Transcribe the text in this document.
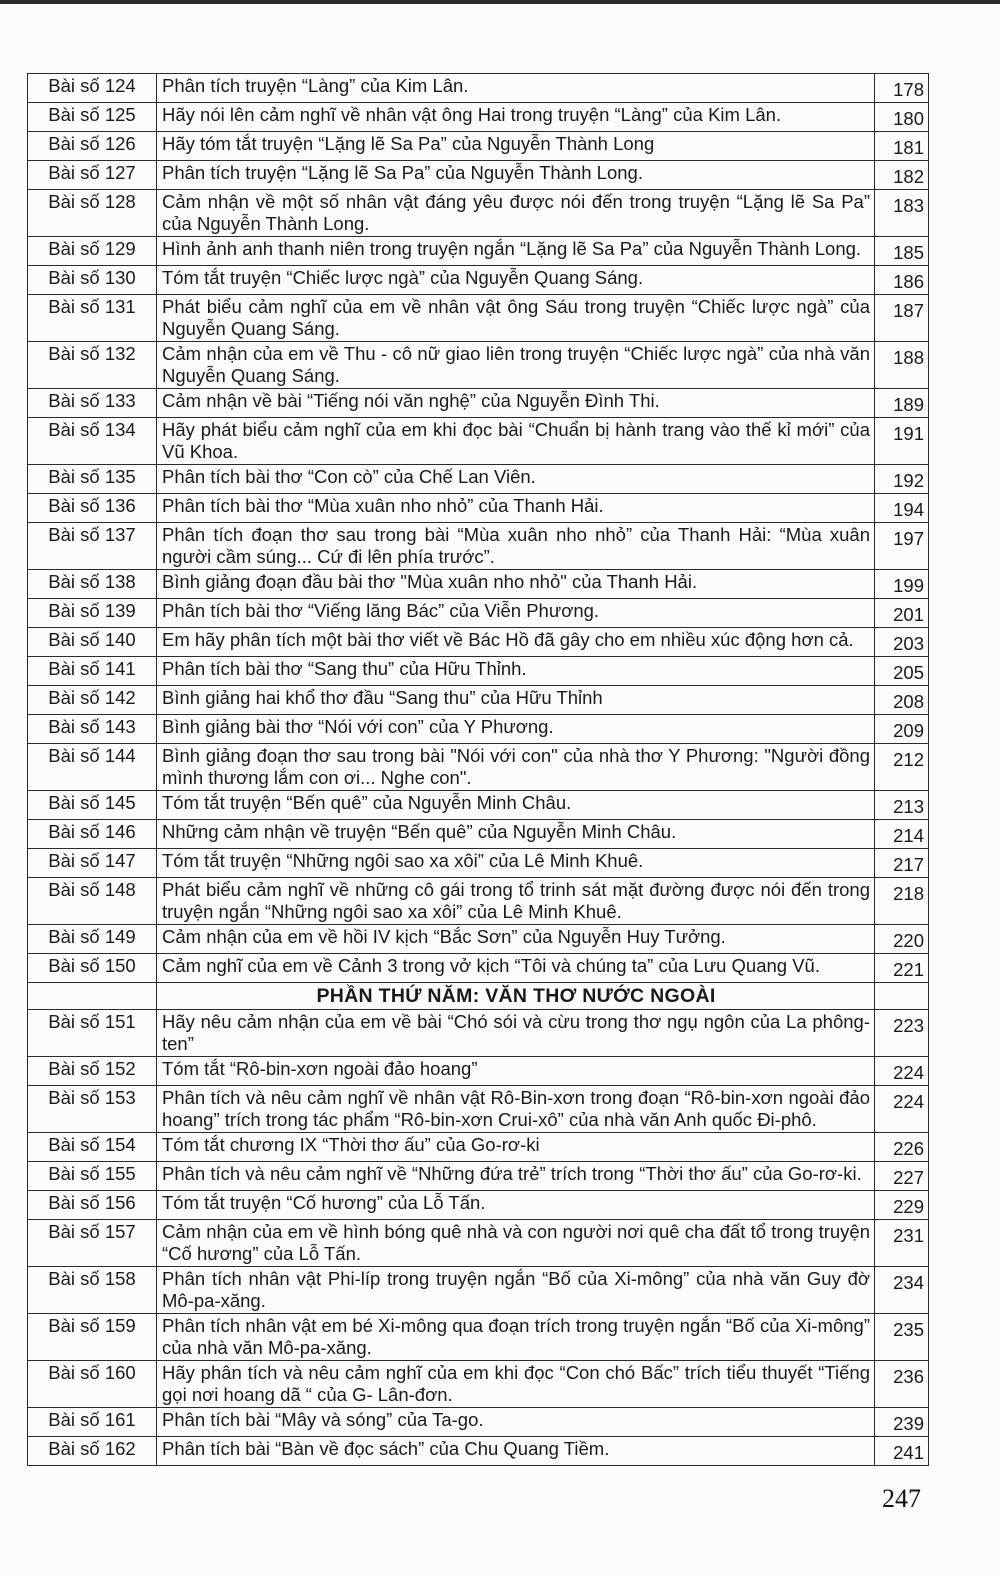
Bài số 124	Phân tích truyện “Làng” của Kim Lân.	178
Bài số 125	Hãy nói lên cảm nghĩ về nhân vật ông Hai trong truyện “Làng” của Kim Lân.	180
Bài số 126	Hãy tóm tắt truyện “Lặng lẽ Sa Pa” của Nguyễn Thành Long	181
Bài số 127	Phân tích truyện “Lặng lẽ Sa Pa” của Nguyễn Thành Long.	182
Bài số 128	Cảm nhận về một số nhân vật đáng yêu được nói đến trong truyện “Lặng lẽ Sa Pa” của Nguyễn Thành Long.	183
Bài số 129	Hình ảnh anh thanh niên trong truyện ngắn “Lặng lẽ Sa Pa” của Nguyễn Thành Long.	185
Bài số 130	Tóm tắt truyện “Chiếc lược ngà” của Nguyễn Quang Sáng.	186
Bài số 131	Phát biểu cảm nghĩ của em về nhân vật ông Sáu trong truyện “Chiếc lược ngà” của Nguyễn Quang Sáng.	187
Bài số 132	Cảm nhận của em về Thu - cô nữ giao liên trong truyện “Chiếc lược ngà” của nhà văn Nguyễn Quang Sáng.	188
Bài số 133	Cảm nhận về bài “Tiếng nói văn nghệ” của Nguyễn Đình Thi.	189
Bài số 134	Hãy phát biểu cảm nghĩ của em khi đọc bài “Chuẩn bị hành trang vào thế kỉ mới” của Vũ Khoa.	191
Bài số 135	Phân tích bài thơ “Con cò” của Chế Lan Viên.	192
Bài số 136	Phân tích bài thơ “Mùa xuân nho nhỏ” của Thanh Hải.	194
Bài số 137	Phân tích đoạn thơ sau trong bài “Mùa xuân nho nhỏ” của Thanh Hải: “Mùa xuân người cầm súng... Cứ đi lên phía trước”.	197
Bài số 138	Bình giảng đoạn đầu bài thơ "Mùa xuân nho nhỏ" của Thanh Hải.	199
Bài số 139	Phân tích bài thơ “Viếng lăng Bác” của Viễn Phương.	201
Bài số 140	Em hãy phân tích một bài thơ viết về Bác Hồ đã gây cho em nhiều xúc động hơn cả.	203
Bài số 141	Phân tích bài thơ “Sang thu” của Hữu Thỉnh.	205
Bài số 142	Bình giảng hai khổ thơ đầu “Sang thu” của Hữu Thỉnh	208
Bài số 143	Bình giảng bài thơ “Nói với con” của Y Phương.	209
Bài số 144	Bình giảng đoạn thơ sau trong bài "Nói với con" của nhà thơ Y Phương: "Người đồng mình thương lắm con ơi... Nghe con".	212
Bài số 145	Tóm tắt truyện “Bến quê” của Nguyễn Minh Châu.	213
Bài số 146	Những cảm nhận về truyện “Bến quê” của Nguyễn Minh Châu.	214
Bài số 147	Tóm tắt truyện “Những ngôi sao xa xôi” của Lê Minh Khuê.	217
Bài số 148	Phát biểu cảm nghĩ về những cô gái trong tổ trinh sát mặt đường được nói đến trong truyện ngắn “Những ngôi sao xa xôi” của Lê Minh Khuê.	218
Bài số 149	Cảm nhận của em về hồi IV kịch “Bắc Sơn” của Nguyễn Huy Tưởng.	220
Bài số 150	Cảm nghĩ của em về Cảnh 3 trong vở kịch “Tôi và chúng ta” của Lưu Quang Vũ.	221
	PHẦN THỨ NĂM: VĂN THƠ NƯỚC NGOÀI	
Bài số 151	Hãy nêu cảm nhận của em về bài “Chó sói và cừu trong thơ ngụ ngôn của La phông-ten”	223
Bài số 152	Tóm tắt “Rô-bin-xơn ngoài đảo hoang”	224
Bài số 153	Phân tích và nêu cảm nghĩ về nhân vật Rô-Bin-xơn trong đoạn “Rô-bin-xơn ngoài đảo hoang” trích trong tác phẩm “Rô-bin-xơn Crui-xô” của nhà văn Anh quốc Đi-phô.	224
Bài số 154	Tóm tắt chương IX “Thời thơ ấu” của Go-rơ-ki	226
Bài số 155	Phân tích và nêu cảm nghĩ về “Những đứa trẻ” trích trong “Thời thơ ấu” của Go-rơ-ki.	227
Bài số 156	Tóm tắt truyện “Cố hương” của Lỗ Tấn.	229
Bài số 157	Cảm nhận của em về hình bóng quê nhà và con người nơi quê cha đất tổ trong truyện “Cố hương” của Lỗ Tấn.	231
Bài số 158	Phân tích nhân vật Phi-líp trong truyện ngắn “Bố của Xi-mông” của nhà văn Guy đờ Mô-pa-xăng.	234
Bài số 159	Phân tích nhân vật em bé Xi-mông qua đoạn trích trong truyện ngắn “Bố của Xi-mông” của nhà văn Mô-pa-xăng.	235
Bài số 160	Hãy phân tích và nêu cảm nghĩ của em khi đọc “Con chó Bấc” trích tiểu thuyết “Tiếng gọi nơi hoang dã “ của G- Lân-đơn.	236
Bài số 161	Phân tích bài “Mây và sóng” của Ta-go.	239
Bài số 162	Phân tích bài “Bàn về đọc sách” của Chu Quang Tiềm.	241
247
